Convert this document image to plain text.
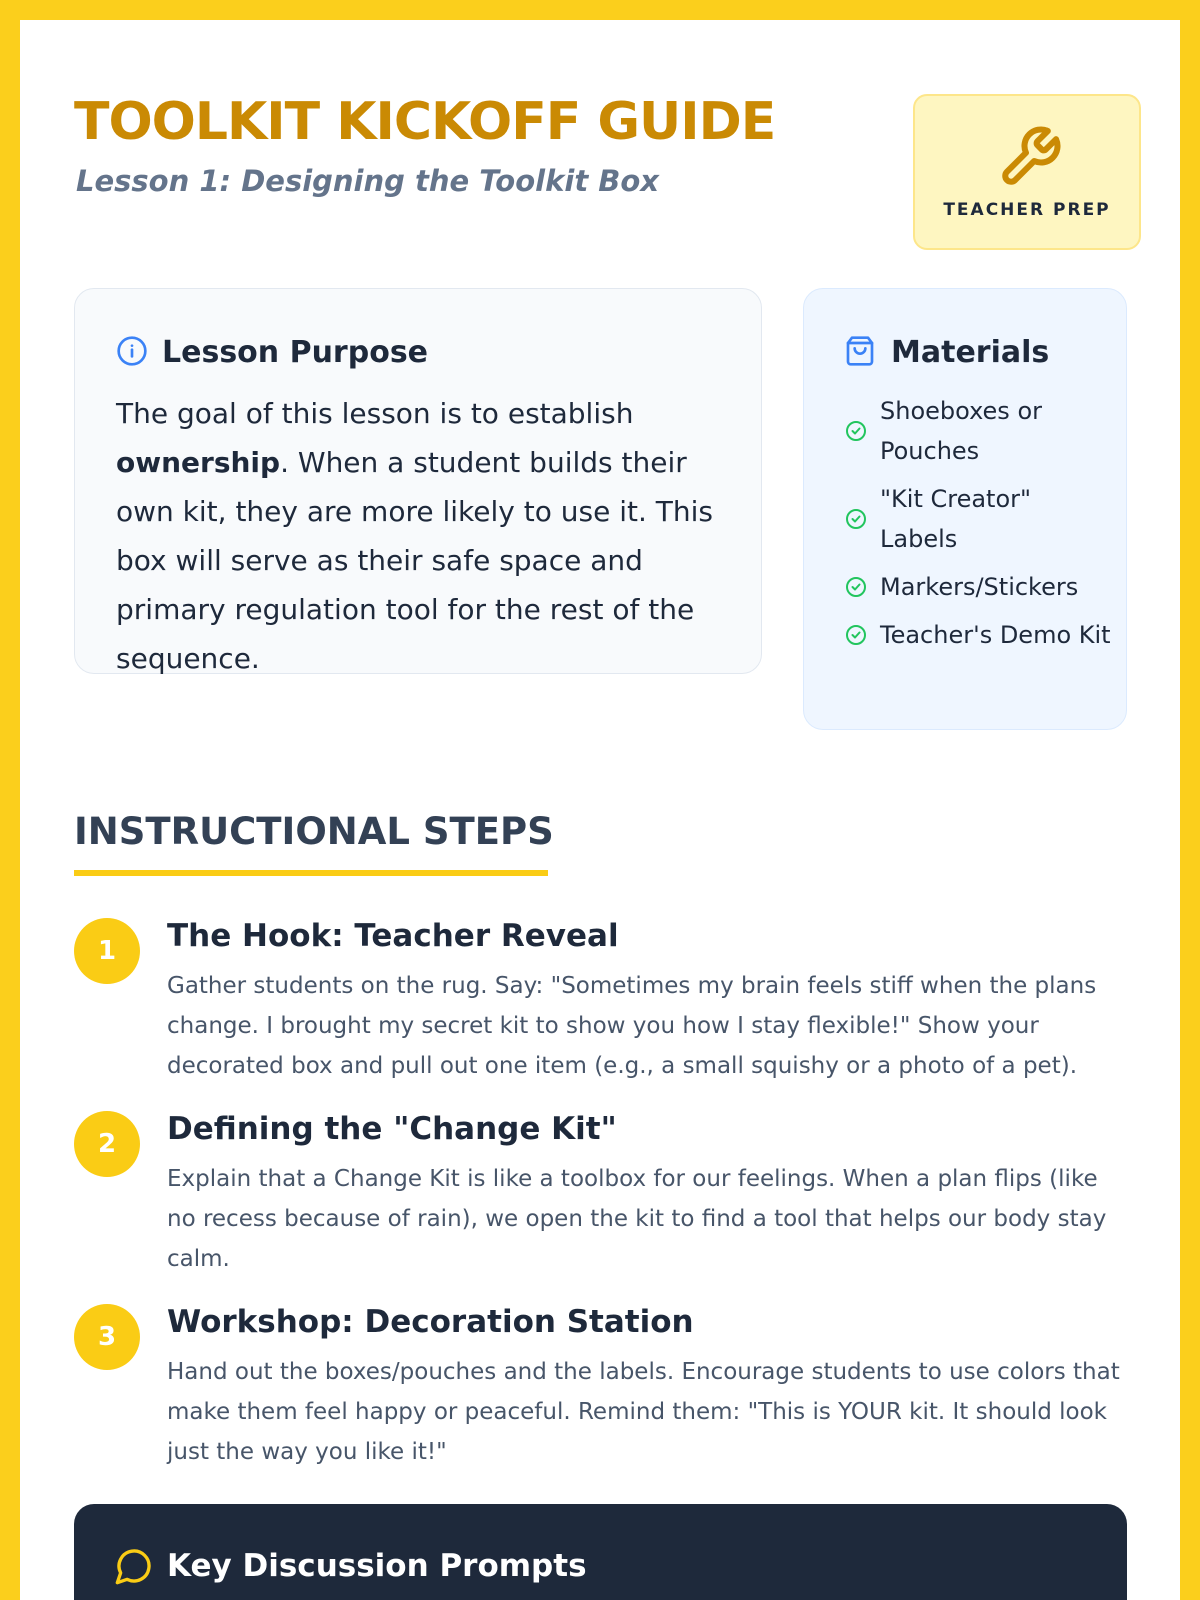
TOOLKIT KICKOFF GUIDE
Lesson 1: Designing the Toolkit Box
TEACHER PREP
Lesson Purpose
The goal of this lesson is to establish ownership. When a student builds their own kit, they are more likely to use it. This box will serve as their safe space and primary regulation tool for the rest of the sequence.
Materials
Shoeboxes or Pouches
"Kit Creator" Labels
Markers/Stickers
Teacher's Demo Kit
INSTRUCTIONAL STEPS
1	The Hook: Teacher Reveal
Gather students on the rug. Say: "Sometimes my brain feels stiff when the plans change. I brought my secret kit to show you how I stay flexible!" Show your decorated box and pull out one item (e.g., a small squishy or a photo of a pet).
2	Defining the "Change Kit"
Explain that a Change Kit is like a toolbox for our feelings. When a plan flips (like no recess because of rain), we open the kit to find a tool that helps our body stay calm.
3	Workshop: Decoration Station
Hand out the boxes/pouches and the labels. Encourage students to use colors that make them feel happy or peaceful. Remind them: "This is YOUR kit. It should look just the way you like it!"
Key Discussion Prompts
